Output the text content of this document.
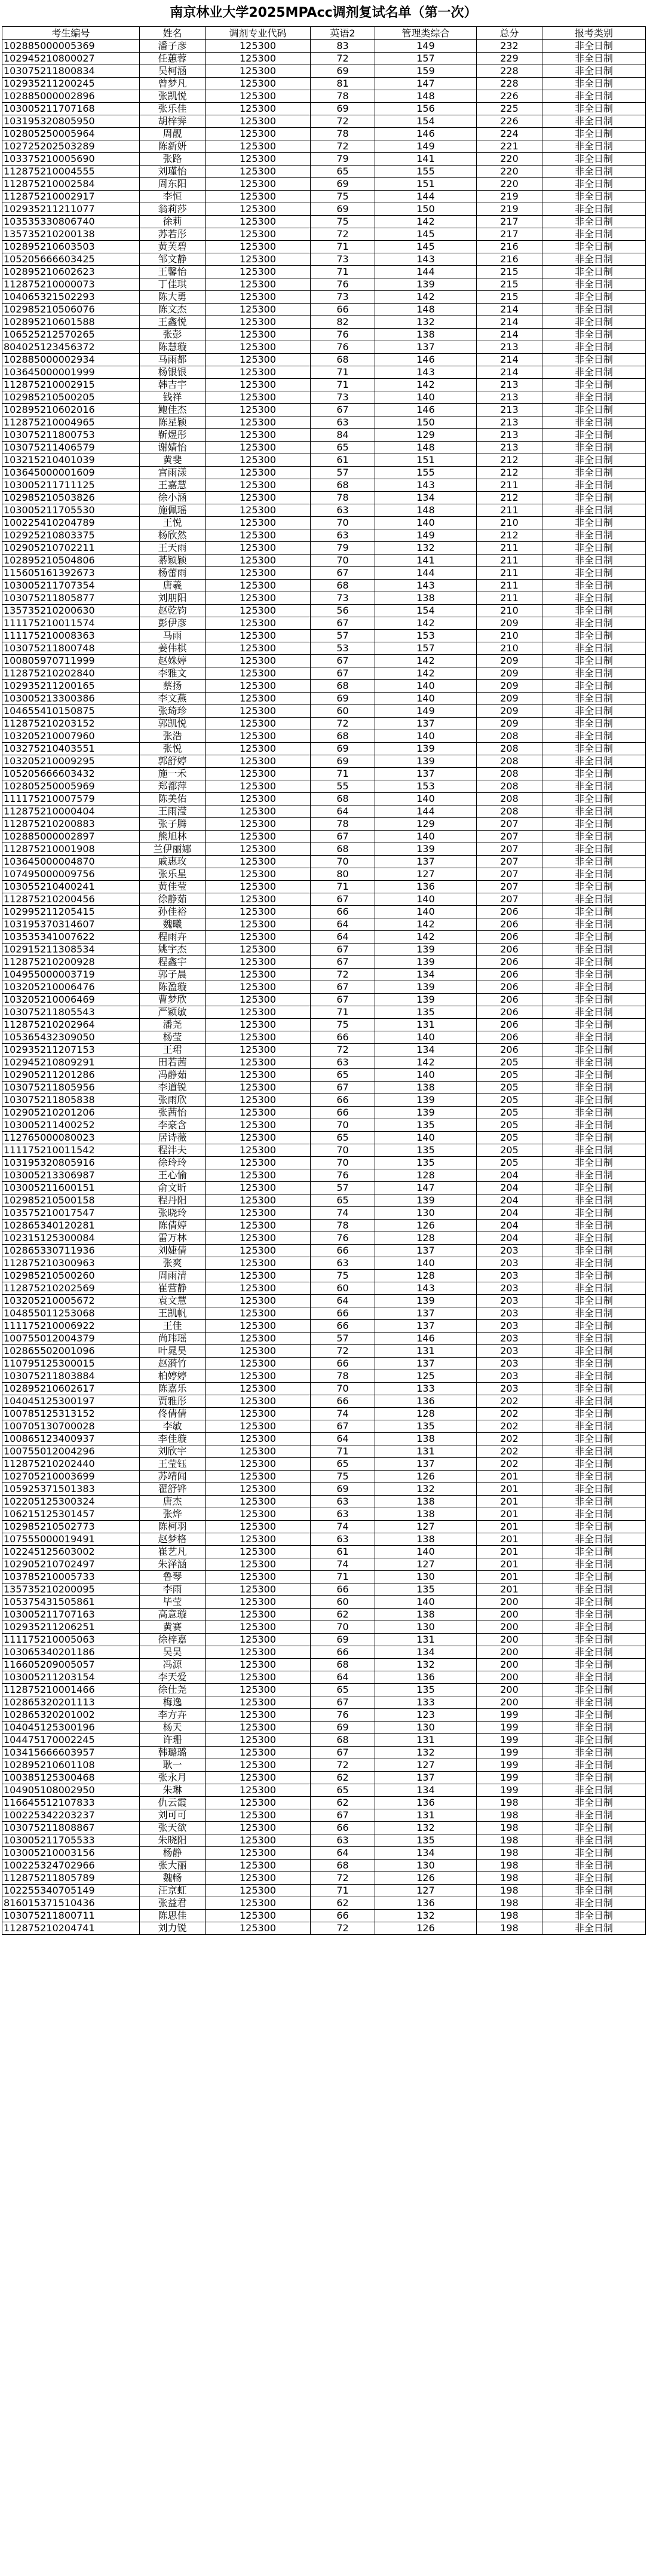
南京林业大学2025MPAcc调剂复试名单（第一次）
考生编号	姓名	调剂专业代码	英语2	管理类综合	总分	报考类别
102885000005369	潘子彦	125300	83	149	232	非全日制
102945210800027	任蕙蓉	125300	72	157	229	非全日制
103075211800834	吴柯涵	125300	69	159	228	非全日制
102935211200245	曾梦凡	125300	81	147	228	非全日制
102885000002896	张凯悦	125300	78	148	226	非全日制
103005211707168	张乐佳	125300	69	156	225	非全日制
103195320805950	胡梓霁	125300	72	154	226	非全日制
102805250005964	周靓	125300	78	146	224	非全日制
102725202503289	陈新妍	125300	72	149	221	非全日制
103375210005690	张路	125300	79	141	220	非全日制
112875210004555	刘瑾怡	125300	65	155	220	非全日制
112875210002584	周东阳	125300	69	151	220	非全日制
112875210002917	李恒	125300	75	144	219	非全日制
102935211211077	翁莉莎	125300	69	150	219	非全日制
103535330806740	徐莉	125300	75	142	217	非全日制
135735210200138	苏若彤	125300	72	145	217	非全日制
102895210603503	黄芙碧	125300	71	145	216	非全日制
105205666603425	邹文静	125300	73	143	216	非全日制
102895210602623	王馨怡	125300	71	144	215	非全日制
112875210000073	丁佳琪	125300	76	139	215	非全日制
104065321502293	陈大勇	125300	73	142	215	非全日制
102985210506076	陈文杰	125300	66	148	214	非全日制
102895210601588	王鑫悦	125300	82	132	214	非全日制
106525212570265	张彭	125300	76	138	214	非全日制
804025123456372	陈慧璇	125300	76	137	213	非全日制
102885000002934	马雨都	125300	68	146	214	非全日制
103645000001999	杨银银	125300	71	143	214	非全日制
112875210002915	韩吉宇	125300	71	142	213	非全日制
102985210500205	钱祥	125300	73	140	213	非全日制
102895210602016	鲍佳杰	125300	67	146	213	非全日制
112875210004965	陈星颖	125300	63	150	213	非全日制
103075211800753	靳煜彤	125300	84	129	213	非全日制
103075211406579	谢婧怡	125300	65	148	213	非全日制
103215210401039	黄斐	125300	61	151	212	非全日制
103645000001609	宫雨漾	125300	57	155	212	非全日制
103005211711125	王嘉慧	125300	68	143	211	非全日制
102985210503826	徐小涵	125300	78	134	212	非全日制
103005211705530	施佩瑶	125300	63	148	211	非全日制
100225410204789	王悦	125300	70	140	210	非全日制
102925210803375	杨欣然	125300	63	149	212	非全日制
102905210702211	王天雨	125300	79	132	211	非全日制
102895210504806	綦颖颖	125300	70	141	211	非全日制
115605161392673	杨蕾雨	125300	67	144	211	非全日制
103005211707354	唐羲	125300	68	143	211	非全日制
103075211805877	刘朋阳	125300	73	138	211	非全日制
135735210200630	赵乾钧	125300	56	154	210	非全日制
111175210011574	彭伊彦	125300	67	142	209	非全日制
111175210008363	马雨	125300	57	153	210	非全日制
103075211800748	姜伟棋	125300	53	157	210	非全日制
100805970711999	赵姝婷	125300	67	142	209	非全日制
112875210202840	李雅文	125300	67	142	209	非全日制
102935211200165	蔡扬	125300	68	140	209	非全日制
103005213300386	李文燕	125300	69	140	209	非全日制
104655410150875	张琦珍	125300	60	149	209	非全日制
112875210203152	郭凯悦	125300	72	137	209	非全日制
103205210007960	张浩	125300	68	140	208	非全日制
103275210403551	张悦	125300	69	139	208	非全日制
103205210009295	郭舒婷	125300	69	139	208	非全日制
105205666603432	施一禾	125300	71	137	208	非全日制
102805250005969	郑都萍	125300	55	153	208	非全日制
111175210007579	陈美佑	125300	68	140	208	非全日制
112875210000404	王雨滢	125300	64	144	208	非全日制
112875210200883	张子腾	125300	78	129	207	非全日制
102885000002897	熊旭林	125300	67	140	207	非全日制
112875210001908	兰伊丽娜	125300	68	139	207	非全日制
103645000004870	戚惠玫	125300	70	137	207	非全日制
107495000009756	张乐星	125300	80	127	207	非全日制
103055210400241	黄佳莹	125300	71	136	207	非全日制
112875210200456	徐静茹	125300	67	140	207	非全日制
102995211205415	孙佳裕	125300	66	140	206	非全日制
103195370314607	魏曦	125300	64	142	206	非全日制
103535341007622	程雨卉	125300	64	142	206	非全日制
102915211308534	姚宇杰	125300	67	139	206	非全日制
112875210200928	程鑫宇	125300	67	139	206	非全日制
104955000003719	郭子晨	125300	72	134	206	非全日制
103205210006476	陈盈璇	125300	67	139	206	非全日制
103205210006469	曹梦欣	125300	67	139	206	非全日制
103075211805543	严颖敏	125300	71	135	206	非全日制
112875210202964	潘尧	125300	75	131	206	非全日制
105365432309050	杨莹	125300	66	140	206	非全日制
102935211207153	王珺	125300	72	134	206	非全日制
102945210809291	田若茜	125300	63	142	205	非全日制
102905211201286	冯静茹	125300	65	140	205	非全日制
103075211805956	李道锐	125300	67	138	205	非全日制
103075211805838	张雨欣	125300	66	139	205	非全日制
102905210201206	张茜怡	125300	66	139	205	非全日制
103005211400252	李豪含	125300	70	135	205	非全日制
112765000080023	居诗薇	125300	65	140	205	非全日制
111175210011542	程沣夫	125300	70	135	205	非全日制
103195320805916	徐玲玲	125300	70	135	205	非全日制
103005213306987	王心愉	125300	76	128	204	非全日制
103005211600151	俞文昕	125300	57	147	204	非全日制
102985210500158	程丹阳	125300	65	139	204	非全日制
103575210017547	张晓玲	125300	74	130	204	非全日制
102865340120281	陈倩婷	125300	78	126	204	非全日制
102315125300084	雷万林	125300	76	128	204	非全日制
102865330711936	刘婕倩	125300	66	137	203	非全日制
112875210300963	张爽	125300	63	140	203	非全日制
102985210500260	周雨清	125300	75	128	203	非全日制
112875210202569	崔营静	125300	60	143	203	非全日制
103205210005672	袁文慧	125300	64	139	203	非全日制
104855011253068	王凯帆	125300	66	137	203	非全日制
111175210006922	王佳	125300	66	137	203	非全日制
100755012004379	尚玮瑶	125300	57	146	203	非全日制
102865502001096	叶晁昊	125300	72	131	203	非全日制
110795125300015	赵漪竹	125300	66	137	203	非全日制
103075211803884	柏婷婷	125300	78	125	203	非全日制
102895210602617	陈嘉乐	125300	70	133	203	非全日制
104045125300197	贾雅彤	125300	66	136	202	非全日制
100785125313152	佟倩倩	125300	74	128	202	非全日制
100705130700028	李敏	125300	67	135	202	非全日制
100865123400937	李佳璇	125300	64	138	202	非全日制
100755012004296	刘欣宇	125300	71	131	202	非全日制
112875210202440	王莹钰	125300	65	137	202	非全日制
102705210003699	苏靖闻	125300	75	126	201	非全日制
105925371501383	翟舒铧	125300	69	132	201	非全日制
102205125300324	唐杰	125300	63	138	201	非全日制
106215125301457	张烨	125300	63	138	201	非全日制
102985210502773	陈柯羽	125300	74	127	201	非全日制
107555000019491	赵梦格	125300	63	138	201	非全日制
102245125603002	崔艺凡	125300	61	140	201	非全日制
102905210702497	朱泽涵	125300	74	127	201	非全日制
103785210005733	鲁琴	125300	71	130	201	非全日制
135735210200095	李雨	125300	66	135	201	非全日制
105375431505861	毕莹	125300	60	140	200	非全日制
103005211707163	高意璇	125300	62	138	200	非全日制
102935211206251	黄赛	125300	70	130	200	非全日制
111175210005063	徐梓嘉	125300	69	131	200	非全日制
103065340201186	吴昊	125300	66	134	200	非全日制
116605209005057	冯源	125300	68	132	200	非全日制
103005211203154	李天爱	125300	64	136	200	非全日制
112875210001466	徐仕尧	125300	65	135	200	非全日制
102865320201113	梅逸	125300	67	133	200	非全日制
102865320201002	李方卉	125300	76	123	199	非全日制
104045125300196	杨天	125300	69	130	199	非全日制
104475170002245	许珊	125300	68	131	199	非全日制
103415666603957	韩璐璐	125300	67	132	199	非全日制
102895210601108	耿一	125300	72	127	199	非全日制
100385125300468	张永月	125300	62	137	199	非全日制
104905108002950	朱琳	125300	65	134	199	非全日制
116645512107833	仇云霞	125300	62	136	198	非全日制
100225342203237	刘可可	125300	67	131	198	非全日制
103075211808867	张天欲	125300	66	132	198	非全日制
103005211705533	朱晓阳	125300	63	135	198	非全日制
103005210003156	杨静	125300	64	134	198	非全日制
100225324702966	张大丽	125300	68	130	198	非全日制
112875211805789	魏畅	125300	72	126	198	非全日制
102255340705149	汪京虹	125300	71	127	198	非全日制
816015371510436	张益君	125300	62	136	198	非全日制
103075211800711	陈思佳	125300	66	132	198	非全日制
112875210204741	刘力锐	125300	72	126	198	非全日制
